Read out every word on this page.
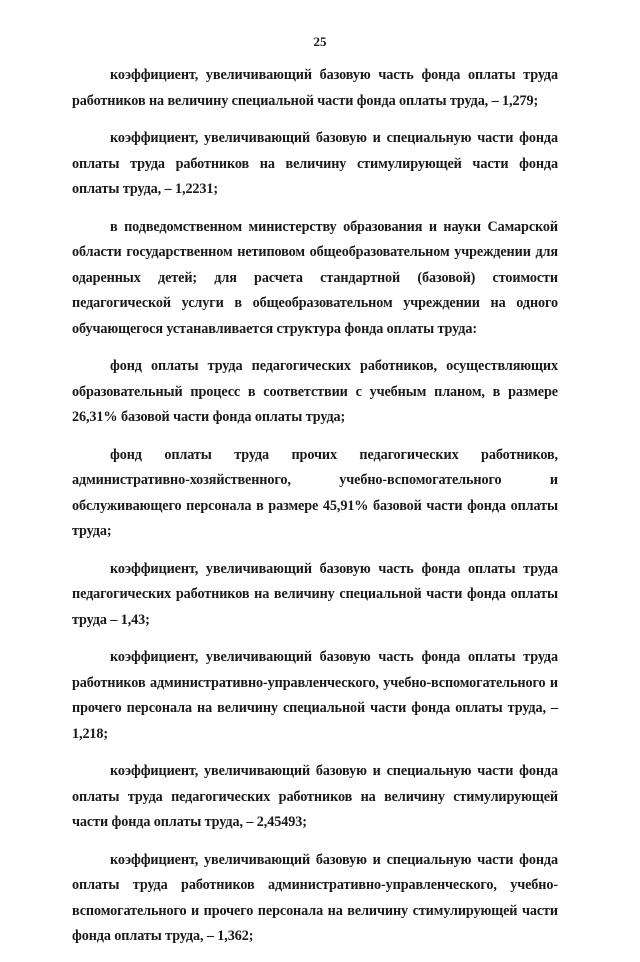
25

коэффициент, увеличивающий базовую часть фонда оплаты труда работников на величину специальной части фонда оплаты труда, – 1,279;

коэффициент, увеличивающий базовую и специальную части фонда оплаты труда работников на величину стимулирующей части фонда оплаты труда, – 1,2231;

в подведомственном министерству образования и науки Самарской области государственном нетиповом общеобразовательном учреждении для одаренных детей; для расчета стандартной (базовой) стоимости педагогической услуги в общеобразовательном учреждении на одного обучающегося устанавливается структура фонда оплаты труда:

фонд оплаты труда педагогических работников, осуществляющих образовательный процесс в соответствии с учебным планом, в размере 26,31% базовой части фонда оплаты труда;

фонд оплаты труда прочих педагогических работников, административно-хозяйственного, учебно-вспомогательного и обслуживающего персонала в размере 45,91% базовой части фонда оплаты труда;

коэффициент, увеличивающий базовую часть фонда оплаты труда педагогических работников на величину специальной части фонда оплаты труда – 1,43;

коэффициент, увеличивающий базовую часть фонда оплаты труда работников административно-управленческого, учебно-вспомогательного и прочего персонала на величину специальной части фонда оплаты труда, – 1,218;

коэффициент, увеличивающий базовую и специальную части фонда оплаты труда педагогических работников на величину стимулирующей части фонда оплаты труда, – 2,45493;

коэффициент, увеличивающий базовую и специальную части фонда оплаты труда работников административно-управленческого, учебно-вспомогательного и прочего персонала на величину стимулирующей части фонда оплаты труда, – 1,362;
